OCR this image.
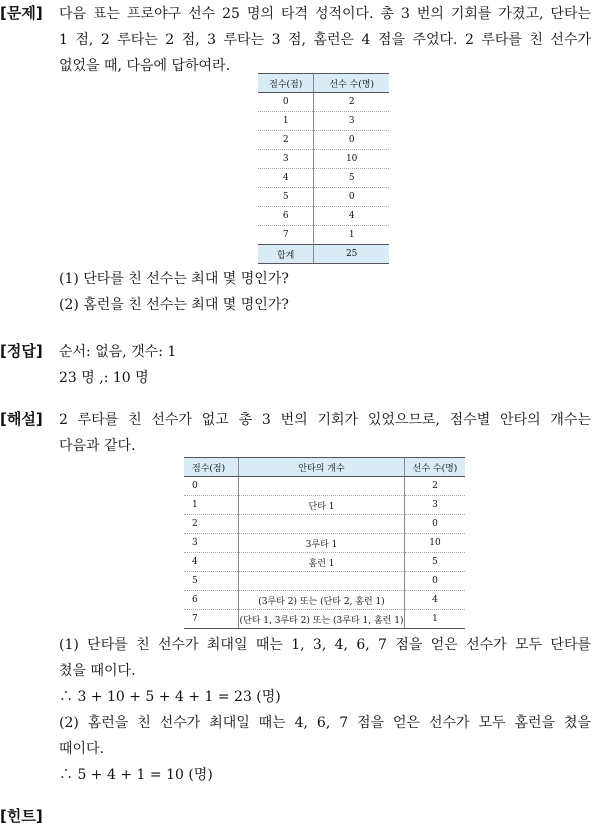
[문제] 다음 표는 프로야구 선수 25 명의 타격 성적이다. 총 3 번의 기회를 가졌고, 단타는
1 점, 2 루타는 2 점, 3 루타는 3 점, 홈런은 4 점을 주었다. 2 루타를 친 선수가
없었을 때, 다음에 답하여라.
점수(점)	선수 수(명)
0	2
1	3
2	0
3	10
4	5
5	0
6	4
7	1
합계	25
(1) 단타를 친 선수는 최대 몇 명인가?
(2) 홈런을 친 선수는 최대 몇 명인가?
[정답] 순서: 없음, 갯수: 1
23 명 ,: 10 명
[해설] 2 루타를 친 선수가 없고 총 3 번의 기회가 있었으므로, 점수별 안타의 개수는
다음과 같다.
점수(점)	안타의 개수	선수 수(명)
0		2
1	단타 1	3
2		0
3	3루타 1	10
4	홈런 1	5
5		0
6	(3루타 2) 또는 (단타 2, 홈런 1)	4
7	(단타 1, 3루타 2) 또는 (3루타 1, 홈런 1)	1
(1) 단타를 친 선수가 최대일 때는 1, 3, 4, 6, 7 점을 얻은 선수가 모두 단타를
쳤을 때이다.
∴ 3 + 10 + 5 + 4 + 1 = 23 (명)
(2) 홈런을 친 선수가 최대일 때는 4, 6, 7 점을 얻은 선수가 모두 홈런을 쳤을
때이다.
∴ 5 + 4 + 1 = 10 (명)
[힌트]
